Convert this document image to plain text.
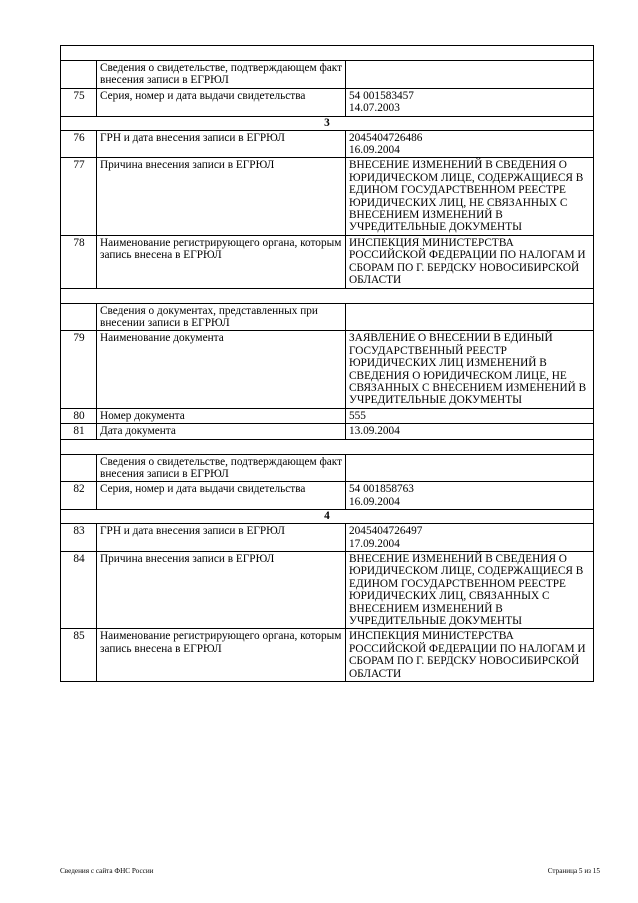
	Сведения о свидетельстве, подтверждающем факт внесения записи в ЕГРЮЛ	
75	Серия, номер и дата выдачи свидетельства	54 001583457
14.07.2003
3		
76	ГРН и дата внесения записи в ЕГРЮЛ	2045404726486
16.09.2004
77	Причина внесения записи в ЕГРЮЛ	ВНЕСЕНИЕ ИЗМЕНЕНИЙ В СВЕДЕНИЯ О ЮРИДИЧЕСКОМ ЛИЦЕ, СОДЕРЖАЩИЕСЯ В ЕДИНОМ ГОСУДАРСТВЕННОМ РЕЕСТРЕ ЮРИДИЧЕСКИХ ЛИЦ, НЕ СВЯЗАННЫХ С ВНЕСЕНИЕМ ИЗМЕНЕНИЙ В УЧРЕДИТЕЛЬНЫЕ ДОКУМЕНТЫ
78	Наименование регистрирующего органа, которым запись внесена в ЕГРЮЛ	ИНСПЕКЦИЯ МИНИСТЕРСТВА РОССИЙСКОЙ ФЕДЕРАЦИИ ПО НАЛОГАМ И СБОРАМ ПО Г. БЕРДСКУ НОВОСИБИРСКОЙ ОБЛАСТИ

	Сведения о документах, представленных при внесении записи в ЕГРЮЛ	
79	Наименование документа	ЗАЯВЛЕНИЕ О ВНЕСЕНИИ В ЕДИНЫЙ ГОСУДАРСТВЕННЫЙ РЕЕСТР ЮРИДИЧЕСКИХ ЛИЦ ИЗМЕНЕНИЙ В СВЕДЕНИЯ О ЮРИДИЧЕСКОМ ЛИЦЕ, НЕ СВЯЗАННЫХ С ВНЕСЕНИЕМ ИЗМЕНЕНИЙ В УЧРЕДИТЕЛЬНЫЕ ДОКУМЕНТЫ
80	Номер документа	555
81	Дата документа	13.09.2004

	Сведения о свидетельстве, подтверждающем факт внесения записи в ЕГРЮЛ	
82	Серия, номер и дата выдачи свидетельства	54 001858763
16.09.2004
4		
83	ГРН и дата внесения записи в ЕГРЮЛ	2045404726497
17.09.2004
84	Причина внесения записи в ЕГРЮЛ	ВНЕСЕНИЕ ИЗМЕНЕНИЙ В СВЕДЕНИЯ О ЮРИДИЧЕСКОМ ЛИЦЕ, СОДЕРЖАЩИЕСЯ В ЕДИНОМ ГОСУДАРСТВЕННОМ РЕЕСТРЕ ЮРИДИЧЕСКИХ ЛИЦ, СВЯЗАННЫХ С ВНЕСЕНИЕМ ИЗМЕНЕНИЙ В УЧРЕДИТЕЛЬНЫЕ ДОКУМЕНТЫ
85	Наименование регистрирующего органа, которым запись внесена в ЕГРЮЛ	ИНСПЕКЦИЯ МИНИСТЕРСТВА РОССИЙСКОЙ ФЕДЕРАЦИИ ПО НАЛОГАМ И СБОРАМ ПО Г. БЕРДСКУ НОВОСИБИРСКОЙ ОБЛАСТИ
Сведения с сайта ФНС России	Страница 5 из 15
